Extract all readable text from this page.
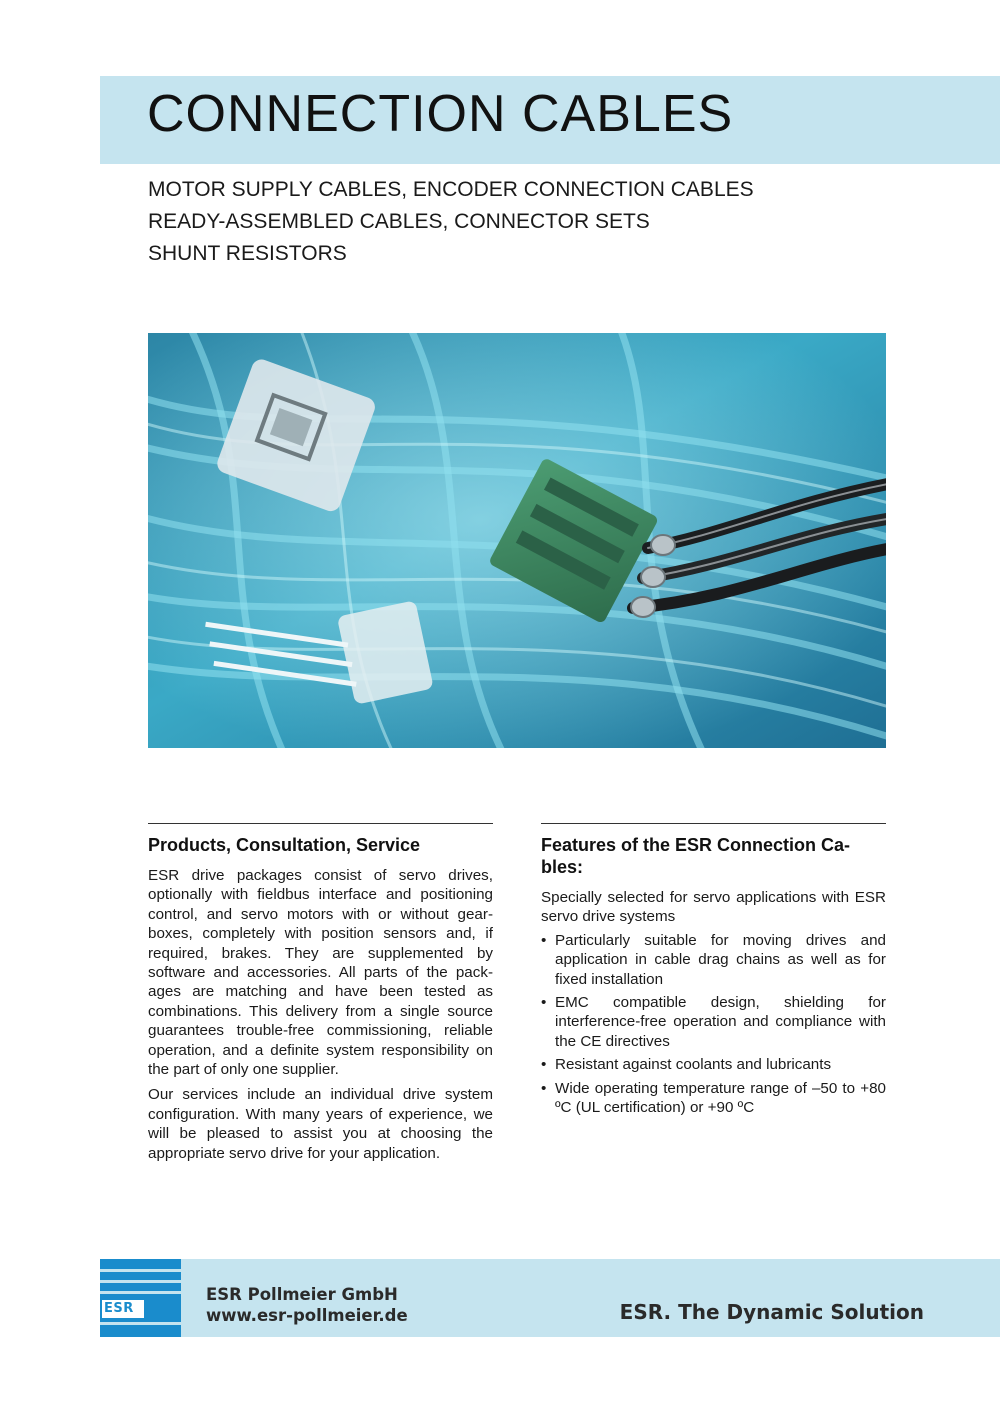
CONNECTION CABLES
MOTOR SUPPLY CABLES, ENCODER CONNECTION CABLES
READY-ASSEMBLED CABLES, CONNECTOR SETS
SHUNT RESISTORS
Products, Consultation, Service

ESR drive packages consist of servo drives, optionally with fieldbus interface and positioning control, and servo motors with or without gearboxes, completely with position sensors and, if required, brakes. They are supplemented by software and accessories. All parts of the packages are matching and have been tested as combinations. This delivery from a single source guarantees trouble-free commissioning, reliable operation, and a definite system responsibility on the part of only one supplier.

Our services include an individual drive system configuration. With many years of experience, we will be pleased to assist you at choosing the appropriate servo drive for your application.

Features of the ESR Connection Cables:

Specially selected for servo applications with ESR servo drive systems

• Particularly suitable for moving drives and application in cable drag chains as well as for fixed installation
• EMC compatible design, shielding for interference-free operation and compliance with the CE directives
• Resistant against coolants and lubricants
• Wide operating temperature range of –50 to +80 ºC (UL certification) or +90 ºC
ESR
ESR Pollmeier GmbH
www.esr-pollmeier.de	ESR. The Dynamic Solution
